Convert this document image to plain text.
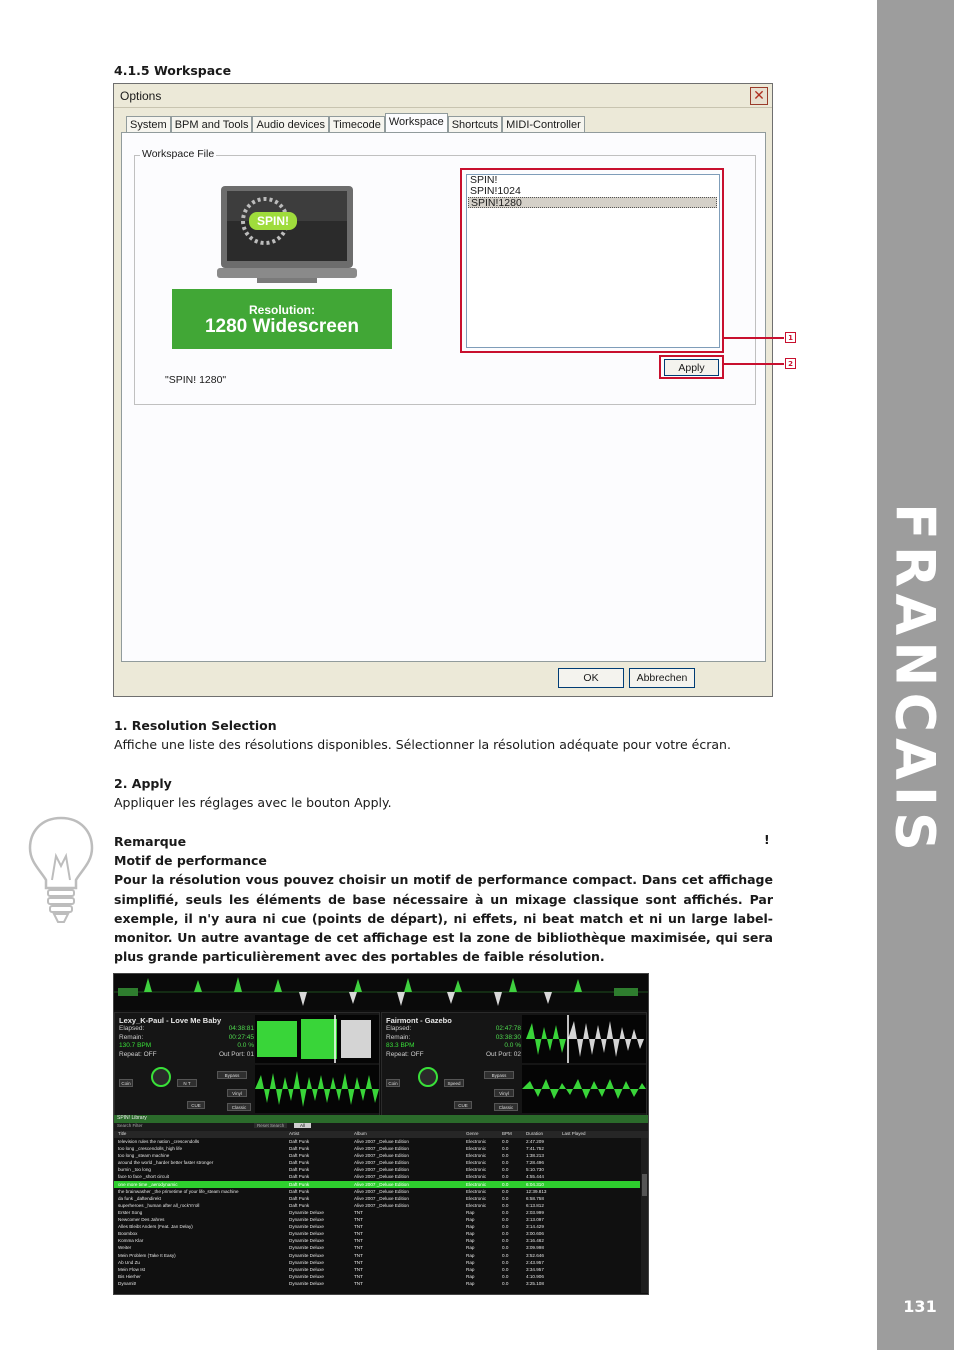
FRANCAIS
131
4.1.5 Workspace
Options	✕
System BPM and Tools Audio devices Timecode Workspace Shortcuts MIDI-Controller
Workspace File
SPIN!
Resolution:
1280 Widescreen
"SPIN! 1280"
SPIN!
SPIN!1024
SPIN!1280
Apply
OK	Abbrechen
1
2
1. Resolution Selection
Affiche une liste des résolutions disponibles. Sélectionner la résolution adéquate pour votre écran.
2. Apply
Appliquer les réglages avec le bouton Apply.
Remarque
Motif de performance
Pour la résolution vous pouvez choisir un motif de performance compact. Dans cet affichage simplifié, seuls les éléments de base nécessaire à un mixage classique sont affichés. Par exemple, il n'y aura ni cue (points de départ), ni effets, ni beat match et ni un large label-monitor. Un autre avantage de cet affichage est la zone de bibliothèque maximisée, qui sera plus grande particulièrement avec des portables de faible résolution.
!
Lexy_K-Paul - Love Me Baby
Elapsed:	04:38:81
Remain:	00:27:45
130.7 BPM	0.0 %
Repeat: OFF	Out Port: 01
N T
Bypass
Vinyl
CUE	Classic
Coin
Fairmont - Gazebo
Elapsed:	02:47:78
Remain:	03:38:30
83.3 BPM	0.0 %
Repeat: OFF	Out Port: 02
Speed
Bypass
Vinyl
CUE	Classic
Coin
SPIN! Library
Search Filter	Reset Search	All
Title	Artist	Album	Genre	BPM	Duration	Last Played
television rules the nation _crescendolls	Daft Punk	Alive 2007 _Deluxe Edition	Electronic	0.0	2:47.209
too long _crescendolls_high life	Daft Punk	Alive 2007 _Deluxe Edition	Electronic	0.0	7:41.752
too long _steam machine	Daft Punk	Alive 2007 _Deluxe Edition	Electronic	0.0	1:38.213
around the world _harder better faster stronger	Daft Punk	Alive 2007 _Deluxe Edition	Electronic	0.0	7:28.496
burnin _too long	Daft Punk	Alive 2007 _Deluxe Edition	Electronic	0.0	5:10.730
face to face _short circuit	Daft Punk	Alive 2007 _Deluxe Edition	Electronic	0.0	4:55.444
one more time _aerodynamic	Daft Punk	Alive 2007 _Deluxe Edition	Electronic	0.0	6:04.310
the brainwasher _the primetime of your life_steam machine	Daft Punk	Alive 2007 _Deluxe Edition	Electronic	0.0	12:39.813
da funk _daftendirekt	Daft Punk	Alive 2007 _Deluxe Edition	Electronic	0.0	6:58.758
superheroes _human after all_rock'n'roll	Daft Punk	Alive 2007 _Deluxe Edition	Electronic	0.0	6:13.812
Erster Song	Dynamite Deluxe	TNT	Rap	0.0	2:03.999
Newcomer Des Jahres	Dynamite Deluxe	TNT	Rap	0.0	3:13.097
Alles Bleibt Anders (Feat. Jan Delay)	Dynamite Deluxe	TNT	Rap	0.0	3:14.429
Boombox	Dynamite Deluxe	TNT	Rap	0.0	3:00.606
Komma Klar	Dynamite Deluxe	TNT	Rap	0.0	3:16.462
Weiter	Dynamite Deluxe	TNT	Rap	0.0	3:09.998
Mein Problem (Take It Easy)	Dynamite Deluxe	TNT	Rap	0.0	3:52.646
Ab Und Zu	Dynamite Deluxe	TNT	Rap	0.0	2:43.957
Mein Flow Ist	Dynamite Deluxe	TNT	Rap	0.0	3:34.957
Bis Hierher	Dynamite Deluxe	TNT	Rap	0.0	4:10.906
Dynamit!	Dynamite Deluxe	TNT	Rap	0.0	3:25.108
